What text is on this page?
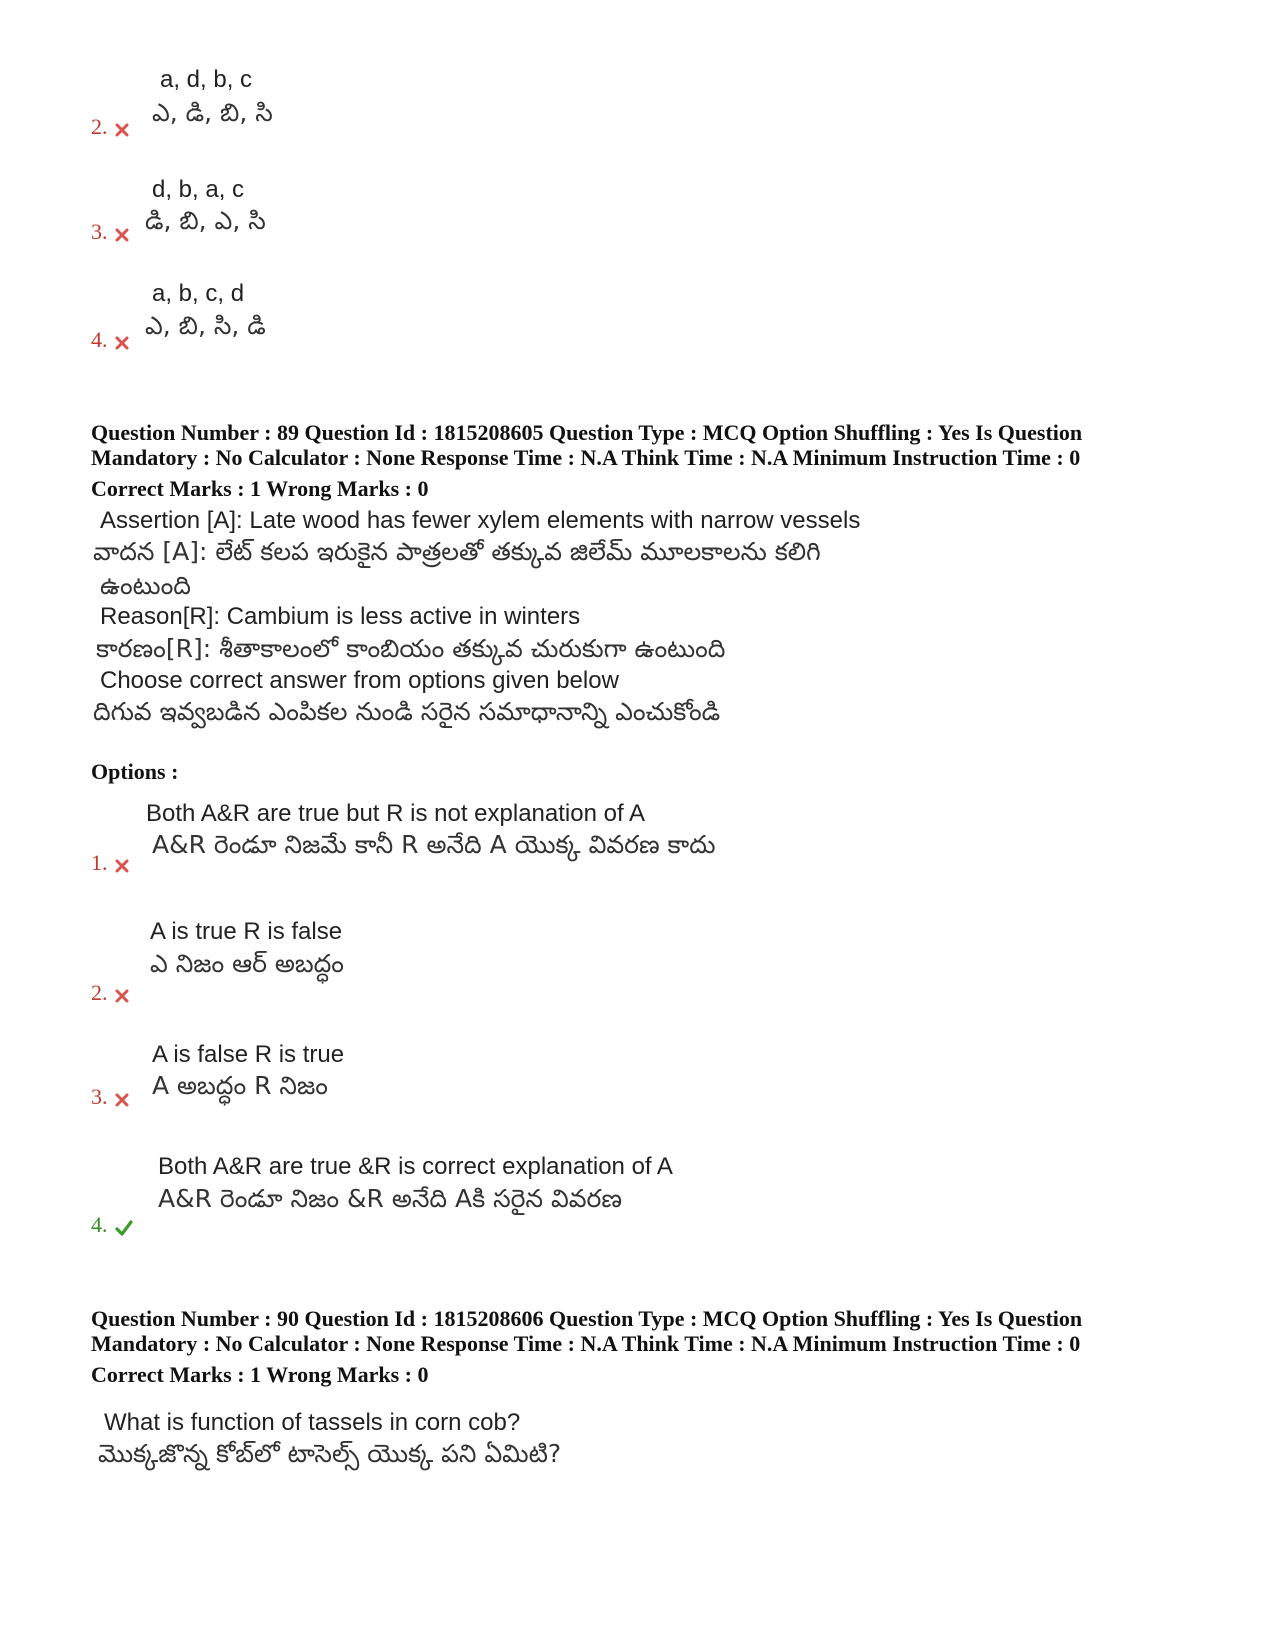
a, d, b, c
ఎ, డి, బి, సి
2.
d, b, a, c
డి, బి, ఎ, సి
3.
a, b, c, d
ఎ, బి, సి, డి
4.
Question Number : 89 Question Id : 1815208605 Question Type : MCQ Option Shuffling : Yes Is Question
Mandatory : No Calculator : None Response Time : N.A Think Time : N.A Minimum Instruction Time : 0
Correct Marks : 1 Wrong Marks : 0
Assertion [A]: Late wood has fewer xylem elements with narrow vessels
వాదన [A]: లేట్ కలప ఇరుకైన పాత్రలతో తక్కువ జిలేమ్ మూలకాలను కలిగి
ఉంటుంది
Reason[R]: Cambium is less active in winters
కారణం[R]: శీతాకాలంలో కాంబియం తక్కువ చురుకుగా ఉంటుంది
Choose correct answer from options given below
దిగువ ఇవ్వబడిన ఎంపికల నుండి సరైన సమాధానాన్ని ఎంచుకోండి
Options :
Both A&R are true but R is not explanation of A
A&R రెండూ నిజమే కానీ R అనేది A యొక్క వివరణ కాదు
1.
A is true R is false
ఎ నిజం ఆర్ అబద్ధం
2.
A is false R is true
A అబద్ధం R నిజం
3.
Both A&R are true &R is correct explanation of A
A&R రెండూ నిజం &R అనేది Aకి సరైన వివరణ
4.
Question Number : 90 Question Id : 1815208606 Question Type : MCQ Option Shuffling : Yes Is Question
Mandatory : No Calculator : None Response Time : N.A Think Time : N.A Minimum Instruction Time : 0
Correct Marks : 1 Wrong Marks : 0
What is function of tassels in corn cob?
మొక్కజొన్న కోబ్‌లో టాసెల్స్ యొక్క పని ఏమిటి?
